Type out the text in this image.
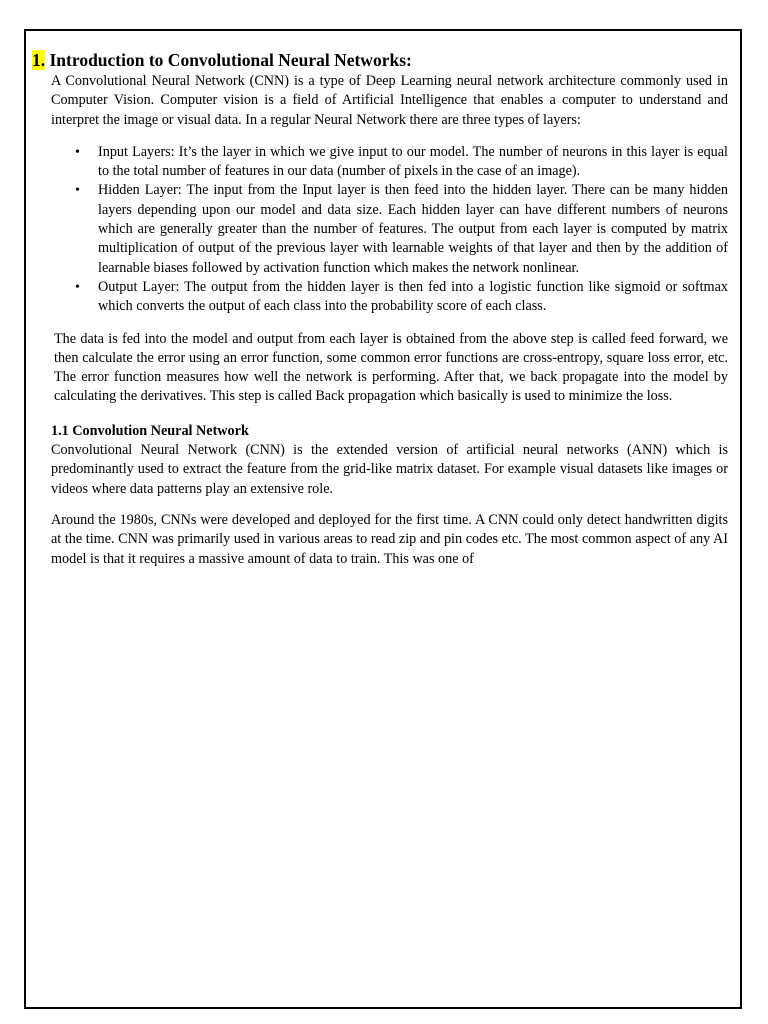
1. Introduction to Convolutional Neural Networks:

A Convolutional Neural Network (CNN) is a type of Deep Learning neural network architecture commonly used in Computer Vision. Computer vision is a field of Artificial Intelligence that enables a computer to understand and interpret the image or visual data. In a regular Neural Network there are three types of layers:

• Input Layers: It’s the layer in which we give input to our model. The number of neurons in this layer is equal to the total number of features in our data (number of pixels in the case of an image).
• Hidden Layer: The input from the Input layer is then feed into the hidden layer. There can be many hidden layers depending upon our model and data size. Each hidden layer can have different numbers of neurons which are generally greater than the number of features. The output from each layer is computed by matrix multiplication of output of the previous layer with learnable weights of that layer and then by the addition of learnable biases followed by activation function which makes the network nonlinear.
• Output Layer: The output from the hidden layer is then fed into a logistic function like sigmoid or softmax which converts the output of each class into the probability score of each class.

The data is fed into the model and output from each layer is obtained from the above step is called feed forward, we then calculate the error using an error function, some common error functions are cross-entropy, square loss error, etc. The error function measures how well the network is performing. After that, we back propagate into the model by calculating the derivatives. This step is called Back propagation which basically is used to minimize the loss.

1.1 Convolution Neural Network

Convolutional Neural Network (CNN) is the extended version of artificial neural networks (ANN) which is predominantly used to extract the feature from the grid-like matrix dataset. For example visual datasets like images or videos where data patterns play an extensive role.

Around the 1980s, CNNs were developed and deployed for the first time. A CNN could only detect handwritten digits at the time. CNN was primarily used in various areas to read zip and pin codes etc. The most common aspect of any AI model is that it requires a massive amount of data to train. This was one of
